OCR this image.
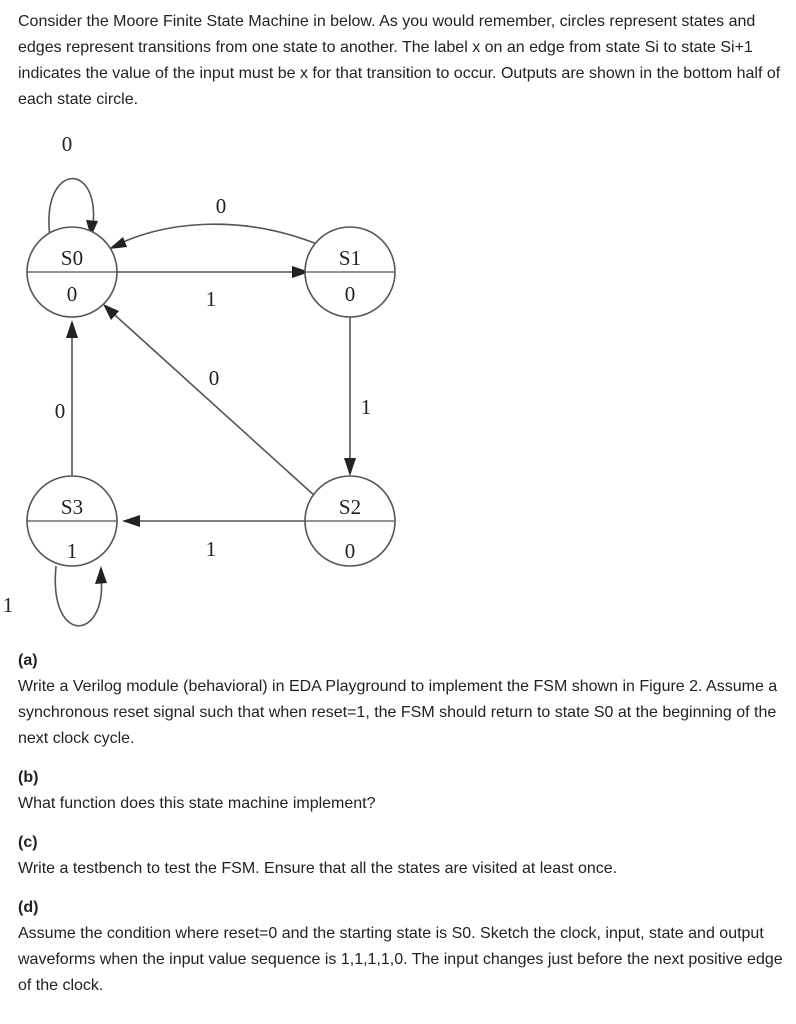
Consider the Moore Finite State Machine in below. As you would remember, circles represent states and edges represent transitions from one state to another. The label x on an edge from state Si to state Si+1 indicates the value of the input must be x for that transition to occur. Outputs are shown in the bottom half of each state circle.

S0
0
S1
0
S2
0
S3
1
0
0
1
0
1
0
1
1
(a)
Write a Verilog module (behavioral) in EDA Playground to implement the FSM shown in Figure 2. Assume a synchronous reset signal such that when reset=1, the FSM should return to state S0 at the beginning of the next clock cycle.
(b)
What function does this state machine implement?
(c)
Write a testbench to test the FSM. Ensure that all the states are visited at least once.
(d)
Assume the condition where reset=0 and the starting state is S0. Sketch the clock, input, state and output waveforms when the input value sequence is 1,1,1,1,0. The input changes just before the next positive edge of the clock.
